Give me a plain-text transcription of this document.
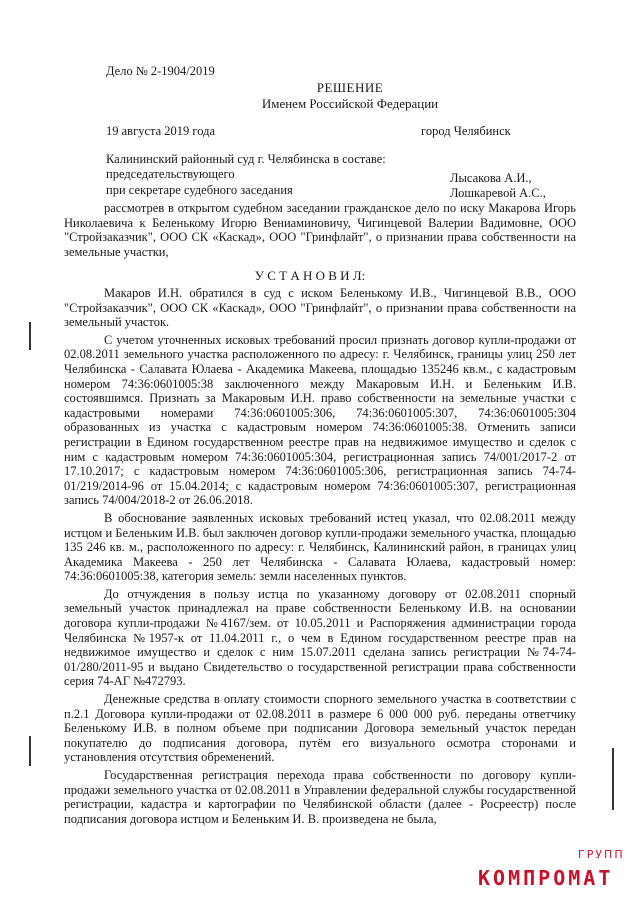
Дело № 2-1904/2019
РЕШЕНИЕ
Именем Российской Федерации
19 августа 2019 года	город Челябинск
Калининский районный суд г. Челябинска в составе:
председательствующего	Лысакова А.И.,
при секретаре судебного заседания	Лошкаревой А.С.,

рассмотрев в открытом судебном заседании гражданское дело по иску Макарова Игорь Николаевича к Беленькому Игорю Вениаминовичу, Чигинцевой Валерии Вадимовне, ООО "Стройзаказчик", ООО СК «Каскад», ООО "Гринфлайт", о признании права собственности на земельные участки,

У С Т А Н О В И Л:

Макаров И.Н. обратился в суд с иском Беленькому И.В., Чигинцевой В.В., ООО "Стройзаказчик", ООО СК «Каскад», ООО "Гринфлайт", о признании права собственности на земельный участок.

С учетом уточненных исковых требований просил признать договор купли-продажи от 02.08.2011 земельного участка расположенного по адресу: г. Челябинск, границы улиц 250 лет Челябинска - Салавата Юлаева - Академика Макеева, площадью 135246 кв.м., с кадастровым номером 74:36:0601005:38 заключенного между Макаровым И.Н. и Беленьким И.В. состоявшимся. Признать за Макаровым И.Н. право собственности на земельные участки с кадастровыми номерами 74:36:0601005:306, 74:36:0601005:307, 74:36:0601005:304 образованных из участка с кадастровым номером 74:36:0601005:38. Отменить записи регистрации в Едином государственном реестре прав на недвижимое имущество и сделок с ним с кадастровым номером 74:36:0601005:304, регистрационная запись 74/001/2017-2 от 17.10.2017; с кадастровым номером 74:36:0601005:306, регистрационная запись 74-74-01/219/2014-96 от 15.04.2014; с кадастровым номером 74:36:0601005:307, регистрационная запись 74/004/2018-2 от 26.06.2018.

В обоснование заявленных исковых требований истец указал, что 02.08.2011 между истцом и Беленьким И.В. был заключен договор купли-продажи земельного участка, площадью 135 246 кв. м., расположенного по адресу: г. Челябинск, Калининский район, в границах улиц Академика Макеева - 250 лет Челябинска - Салавата Юлаева, кадастровый номер: 74:36:0601005:38, категория земель: земли населенных пунктов.

До отчуждения в пользу истца по указанному договору от 02.08.2011 спорный земельный участок принадлежал на праве собственности Беленькому И.В. на основании договора купли-продажи №4167/зем. от 10.05.2011 и Распоряжения администрации города Челябинска №1957-к от 11.04.2011 г., о чем в Едином государственном реестре прав на недвижимое имущество и сделок с ним 15.07.2011 сделана запись регистрации №74-74-01/280/2011-95 и выдано Свидетельство о государственной регистрации права собственности серия 74-АГ №472793.

Денежные средства в оплату стоимости спорного земельного участка в соответствии с п.2.1 Договора купли-продажи от 02.08.2011 в размере 6 000 000 руб. переданы ответчику Беленькому И.В. в полном объеме при подписании Договора земельный участок передан покупателю до подписания договора, путём его визуального осмотра сторонами и установления отсутствия обременений.

Государственная регистрация перехода права собственности по договору купли-продажи земельного участка от 02.08.2011 в Управлении федеральной службы государственной регистрации, кадастра и картографии по Челябинской области (далее - Росреестр) после подписания договора истцом и Беленьким И. В. произведена не была,

ГРУПП
КОМПРОМАТ
